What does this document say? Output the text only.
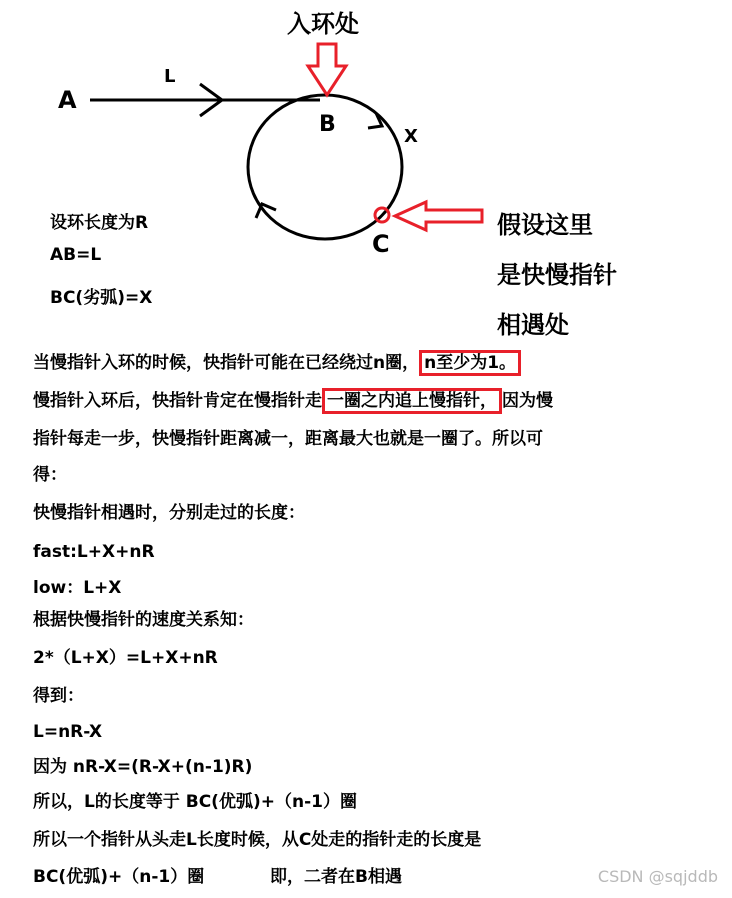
入环处
A
L
B	X
C
假设这里
是快慢指针
相遇处
设环长度为R
AB=L
BC(劣弧)=X
当慢指针入环的时候，快指针可能在已经绕过n圈， n至少为1。
慢指针入环后，快指针肯定在慢指针走 一圈之内追上慢指针， 因为慢
指针每走一步，快慢指针距离减一，距离最大也就是一圈了。所以可
得：
快慢指针相遇时，分别走过的长度：
fast:L+X+nR
low：L+X
根据快慢指针的速度关系知：
2*（L+X）=L+X+nR
得到：
L=nR-X
因为 nR-X=(R-X+(n-1)R)
所以，L的长度等于 BC(优弧)+（n-1）圈
所以一个指针从头走L长度时候，从C处走的指针走的长度是
BC(优弧)+（n-1）圈	即，二者在B相遇	CSDN @sqjddb
